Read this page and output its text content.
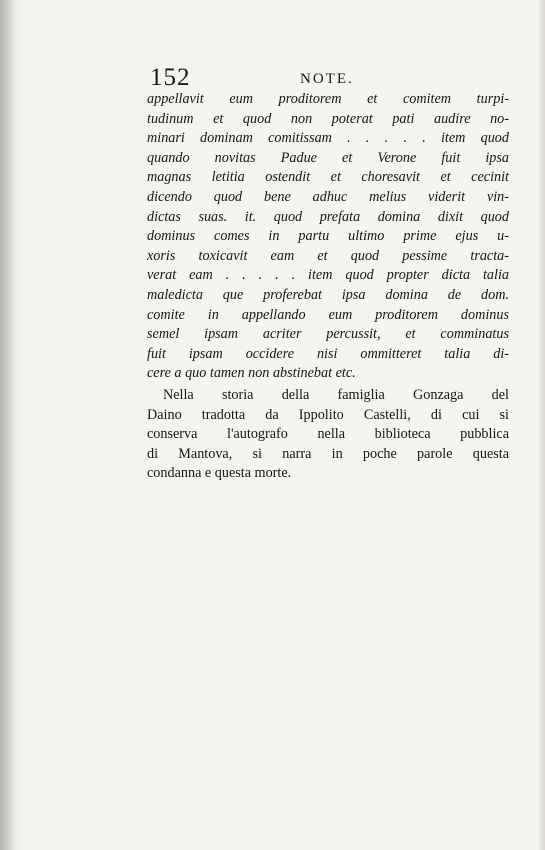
152	NOTE.
appellavit eum proditorem et comitem turpi-
tudinum et quod non poterat pati audire no-
minari dominam comitissam . . . . . item quod
quando novitas Padue et Verone fuit ipsa
magnas letitia ostendit et choresavit et cecinit
dicendo quod bene adhuc melius viderit vin-
dictas suas. it. quod prefata domina dixit quod
dominus comes in partu ultimo prime ejus u-
xoris toxicavit eam et quod pessime tracta-
verat eam . . . . . item quod propter dicta talia
maledicta que proferebat ipsa domina de dom.
comite in appellando eum proditorem dominus
semel ipsam acriter percussit, et comminatus
fuit ipsam occidere nisi ommitteret talia di-
cere a quo tamen non abstinebat etc.
Nella storia della famiglia Gonzaga del
Daino tradotta da Ippolito Castelli, di cui si
conserva l'autografo nella biblioteca pubblica
di Mantova, si narra in poche parole questa
condanna e questa morte.
